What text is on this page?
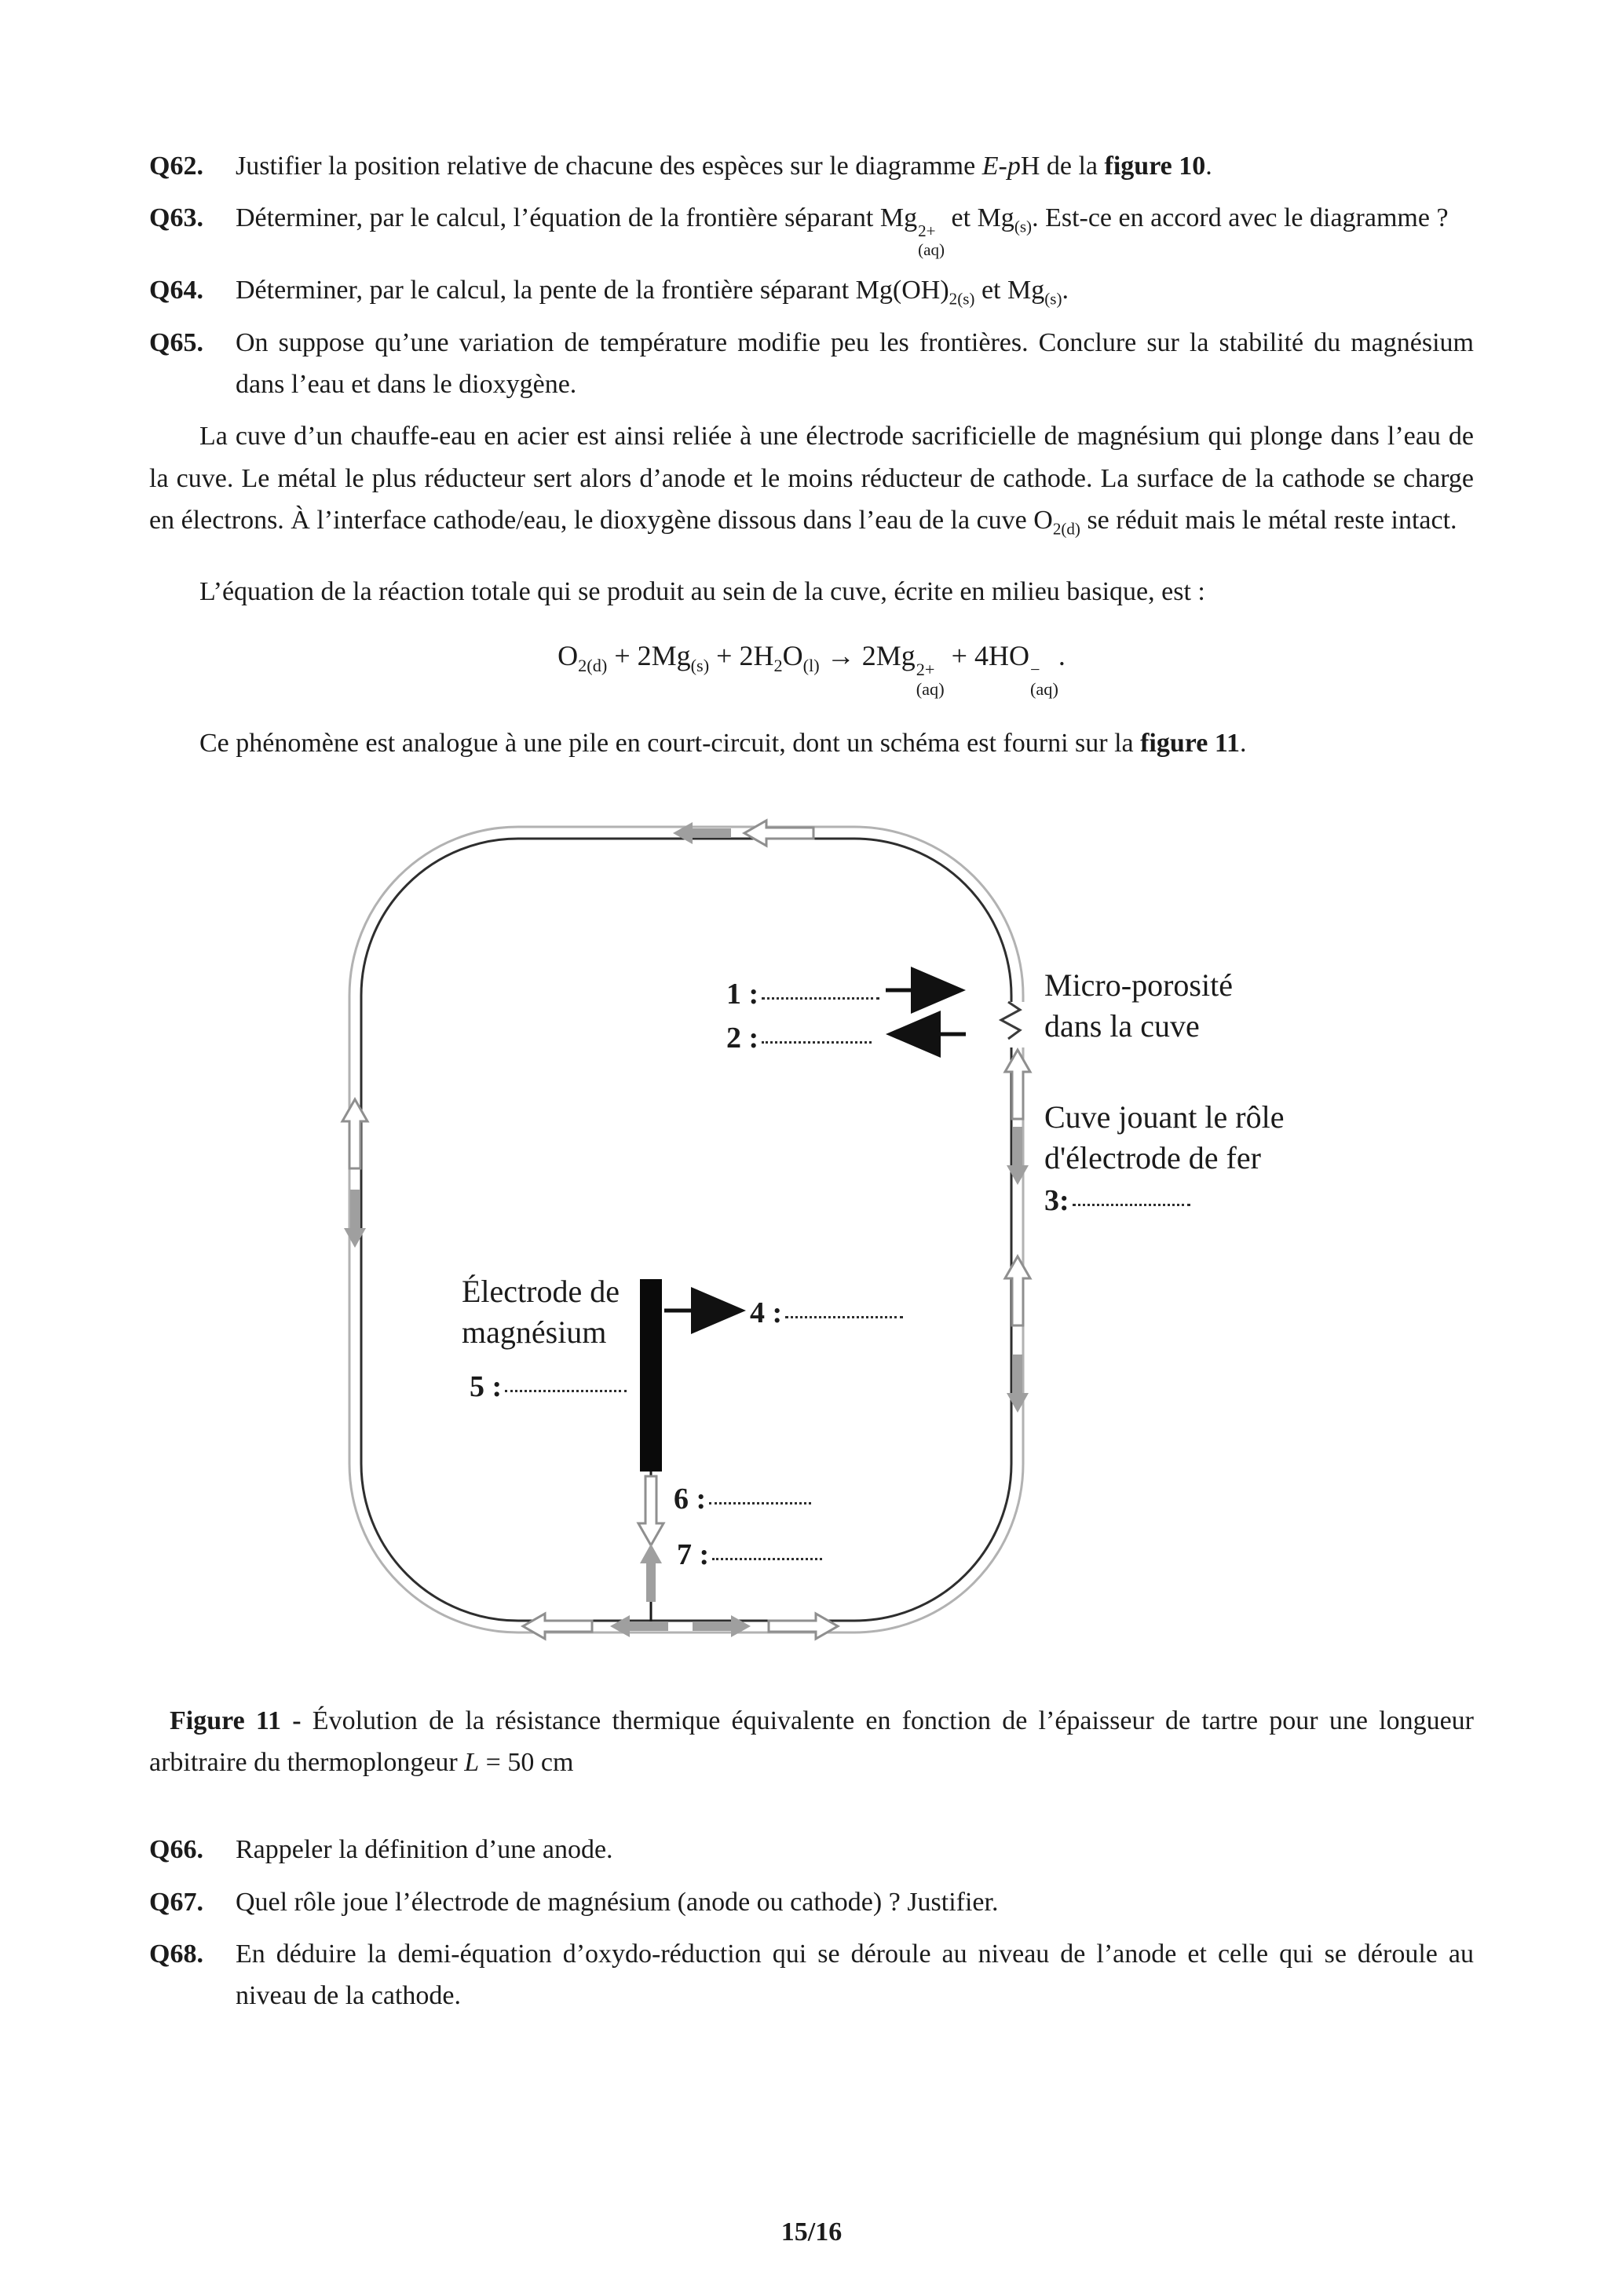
Q62.	Justifier la position relative de chacune des espèces sur le diagramme E-pH de la figure 10.
Q63.	Déterminer, par le calcul, l’équation de la frontière séparant Mg 2+
(aq)
et $Mg_{(s)}$. Est-ce en accord avec le diagramme ?
Q64.	Déterminer, par le calcul, la pente de la frontière séparant $Mg(OH)_{2(s)}$ et $Mg_{(s)}$.
Q65.	On suppose qu’une variation de température modifie peu les frontières. Conclure sur la stabilité du magnésium dans l’eau et dans le dioxygène.

La cuve d’un chauffe-eau en acier est ainsi reliée à une électrode sacrificielle de magnésium qui plonge dans l’eau de la cuve. Le métal le plus réducteur sert alors d’anode et le moins réducteur de cathode. La surface de la cathode se charge en électrons. À l’interface cathode/eau, le dioxygène dissous dans l’eau de la cuve $O_{2(d)}$ se réduit mais le métal reste intact.

L’équation de la réaction totale qui se produit au sein de la cuve, écrite en milieu basique, est :

$O_{2(d)} + 2Mg_{(s)} + 2H_2O_{(l)} \to 2Mg$ 2+
(aq)
+ 4HO −
(aq)
.

Ce phénomène est analogue à une pile en court-circuit, dont un schéma est fourni sur la figure 11.

1 :
2 :
4 :
5 :
6 :
7 :
Micro-porosité
dans la cuve
Cuve jouant le rôle
d'électrode de fer
3:
Électrode de
magnésium

Figure 11 - Évolution de la résistance thermique équivalente en fonction de l’épaisseur de tartre pour une longueur arbitraire du thermoplongeur L = 50 cm

Q66.	Rappeler la définition d’une anode.
Q67.	Quel rôle joue l’électrode de magnésium (anode ou cathode) ? Justifier.
Q68.	En déduire la demi-équation d’oxydo-réduction qui se déroule au niveau de l’anode et celle qui se déroule au niveau de la cathode.
15/16
